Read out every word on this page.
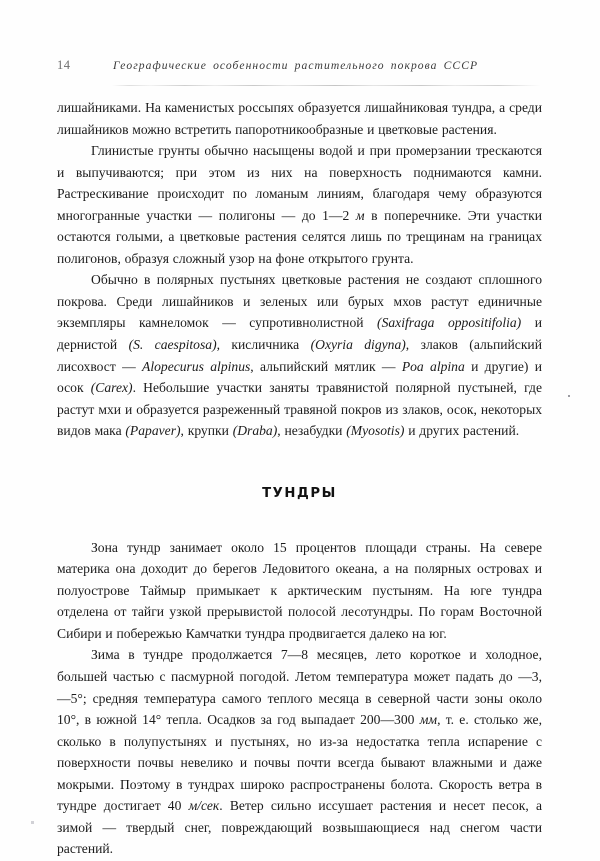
14	Географические особенности растительного покрова СССР

лишайниками. На каменистых россыпях образуется лишайниковая тундра, а среди лишайников можно встретить папоротникообразные и цветковые растения.

Глинистые грунты обычно насыщены водой и при промерзании трескаются и выпучиваются; при этом из них на поверхность поднимаются камни. Растрескивание происходит по ломаным линиям, благодаря чему образуются многогранные участки — полигоны — до 1—2 м в поперечнике. Эти участки остаются голыми, а цветковые растения селятся лишь по трещинам на границах полигонов, образуя сложный узор на фоне открытого грунта.

Обычно в полярных пустынях цветковые растения не создают сплошного покрова. Среди лишайников и зеленых или бурых мхов растут единичные экземпляры камнеломок — супротивнолистной (Saxifraga oppositifolia) и дернистой (S. caespitosa), кисличника (Oxyria digyna), злаков (альпийский лисохвост — Alopecurus alpinus, альпийский мятлик — Poa alpina и другие) и осок (Carex). Небольшие участки заняты травянистой полярной пустыней, где растут мхи и образуется разреженный травяной покров из злаков, осок, некоторых видов мака (Papaver), крупки (Draba), незабудки (Myosotis) и других растений.

ТУНДРЫ

Зона тундр занимает около 15 процентов площади страны. На севере материка она доходит до берегов Ледовитого океана, а на полярных островах и полуострове Таймыр примыкает к арктическим пустыням. На юге тундра отделена от тайги узкой прерывистой полосой лесотундры. По горам Восточной Сибири и побережью Камчатки тундра продвигается далеко на юг.

Зима в тундре продолжается 7—8 месяцев, лето короткое и холодное, большей частью с пасмурной погодой. Летом температура может падать до —3, —5°; средняя температура самого теплого месяца в северной части зоны около 10°, в южной 14° тепла. Осадков за год выпадает 200—300 мм, т. е. столько же, сколько в полупустынях и пустынях, но из-за недостатка тепла испарение с поверхности почвы невелико и почвы почти всегда бывают влажными и даже мокрыми. Поэтому в тундрах широко распространены болота. Скорость ветра в тундре достигает 40 м/сек. Ветер сильно иссушает растения и несет песок, а зимой — твердый снег, повреждающий возвышающиеся над снегом части растений.
